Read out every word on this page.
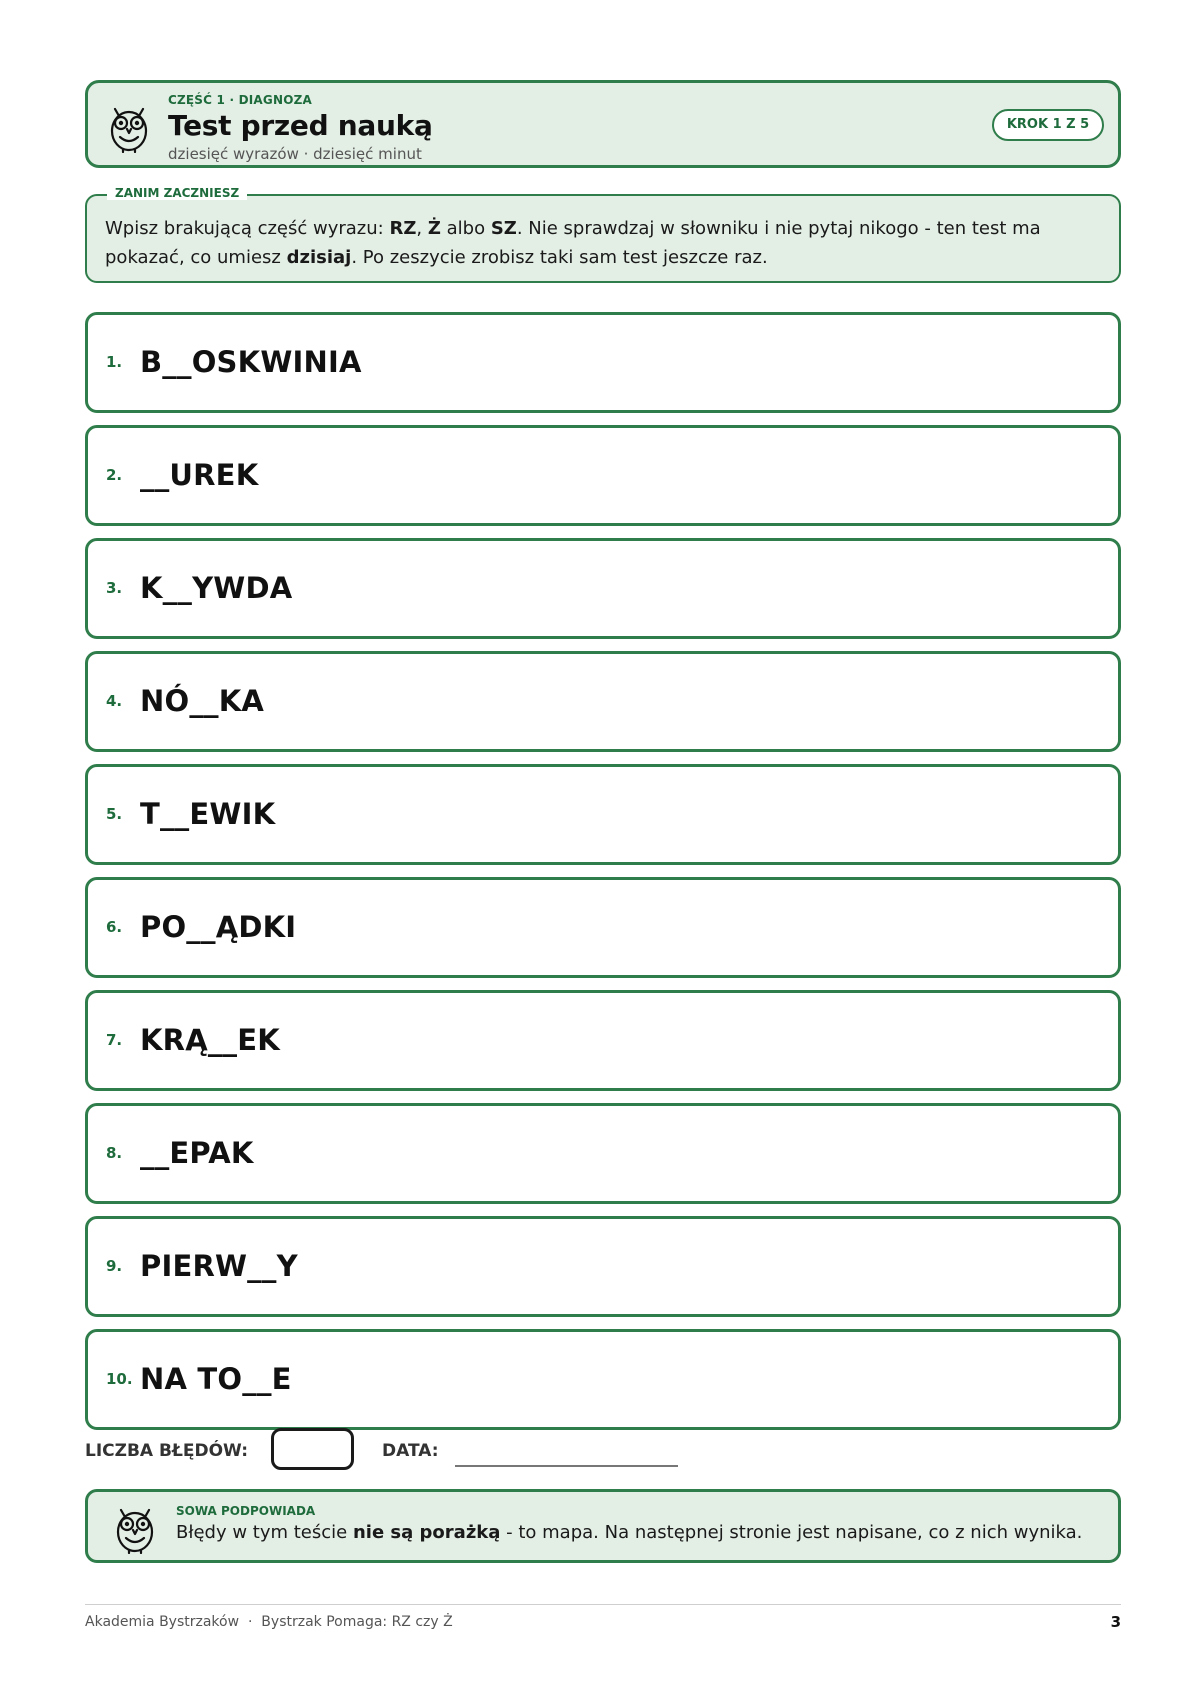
CZĘŚĆ 1 · DIAGNOZA
Test przed nauką
dziesięć wyrazów · dziesięć minut
KROK 1 Z 5
ZANIM ZACZNIESZ
Wpisz brakującą część wyrazu: RZ, Ż albo SZ. Nie sprawdzaj w słowniku i nie pytaj nikogo - ten test ma pokazać, co umiesz dzisiaj. Po zeszycie zrobisz taki sam test jeszcze raz.
1. B__OSKWINIA
2. __UREK
3. K__YWDA
4. NÓ__KA
5. T__EWIK
6. PO__ĄDKI
7. KRĄ__EK
8. __EPAK
9. PIERW__Y
10. NA TO__E
LICZBA BŁĘDÓW:	DATA:
SOWA PODPOWIADA
Błędy w tym teście nie są porażką - to mapa. Na następnej stronie jest napisane, co z nich wynika.
Akademia Bystrzaków  ·  Bystrzak Pomaga: RZ czy Ż	3
